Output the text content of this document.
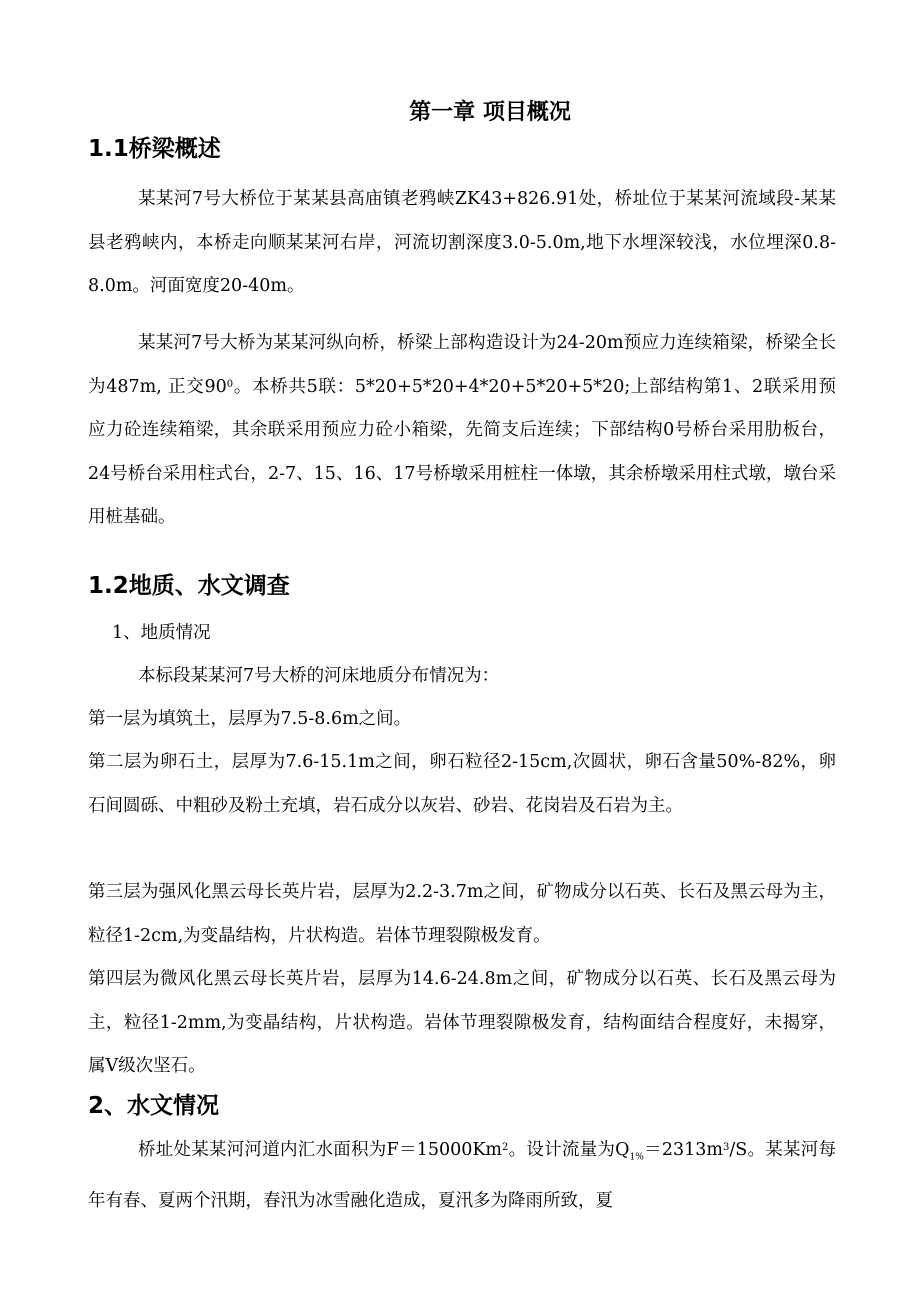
第一章 项目概况
1.1桥梁概述

某某河7号大桥位于某某县高庙镇老鸦峡ZK43+826.91处，桥址位于某某河流域段-某某县老鸦峡内，本桥走向顺某某河右岸，河流切割深度3.0-5.0m,地下水埋深较浅，水位埋深0.8-8.0m。河面宽度20-40m。

某某河7号大桥为某某河纵向桥，桥梁上部构造设计为24-20m预应力连续箱梁，桥梁全长为487m, 正交$90^0$。本桥共5联：5*20+5*20+4*20+5*20+5*20;上部结构第1、2联采用预应力砼连续箱梁，其余联采用预应力砼小箱梁，先简支后连续；下部结构0号桥台采用肋板台，24号桥台采用柱式台，2-7、15、16、17号桥墩采用桩柱一体墩，其余桥墩采用柱式墩，墩台采用桩基础。

1.2地质、水文调查

1、地质情况

本标段某某河7号大桥的河床地质分布情况为：

第一层为填筑土，层厚为7.5-8.6m之间。

第二层为卵石土，层厚为7.6-15.1m之间，卵石粒径2-15cm,次圆状，卵石含量50%-82%，卵石间圆砾、中粗砂及粉土充填，岩石成分以灰岩、砂岩、花岗岩及石岩为主。

第三层为强风化黑云母长英片岩，层厚为2.2-3.7m之间，矿物成分以石英、长石及黑云母为主，粒径1-2cm,为变晶结构，片状构造。岩体节理裂隙极发育。

第四层为微风化黑云母长英片岩，层厚为14.6-24.8m之间，矿物成分以石英、长石及黑云母为主，粒径1-2mm,为变晶结构，片状构造。岩体节理裂隙极发育，结构面结合程度好，未揭穿，属Ⅴ级次坚石。

2、水文情况

桥址处某某河河道内汇水面积为$F=15000Km^2$。设计流量为$Q_{1\%}=2313m^3/S$。某某河每年有春、夏两个汛期，春汛为冰雪融化造成，夏汛多为降雨所致，夏
